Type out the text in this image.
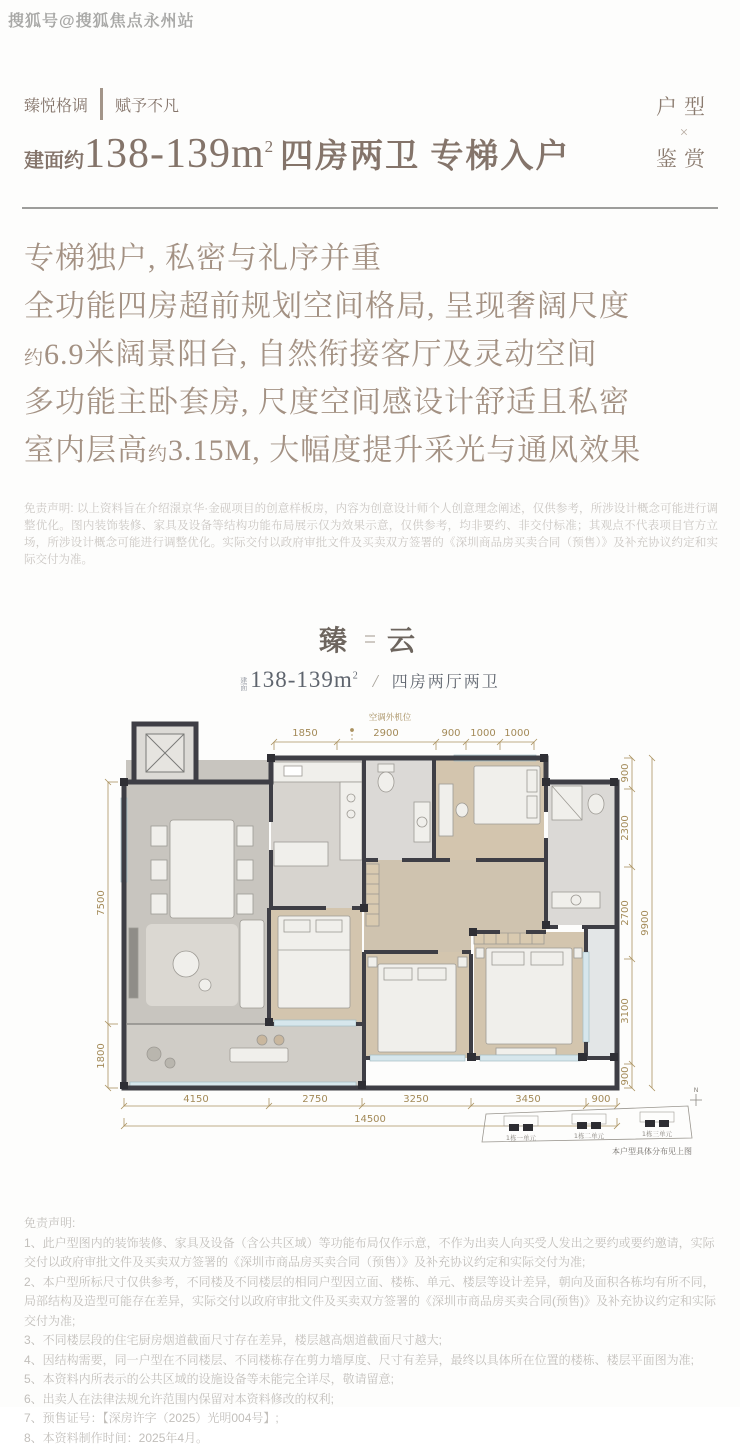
搜狐号@搜狐焦点永州站
臻悦格调 赋予不凡
建面约 $138-139m^2$ 四房两卫 专梯入户
户型
×
鉴赏
专梯独户, 私密与礼序并重
全功能四房超前规划空间格局, 呈现奢阔尺度
约6.9米阔景阳台, 自然衔接客厅及灵动空间
多功能主卧套房, 尺度空间感设计舒适且私密
室内层高约3.15M, 大幅度提升采光与通风效果
免责声明: 以上资料旨在介绍澋京华·金砚项目的创意样板房，内容为创意设计师个人创意理念阐述，仅供参考，所涉设计概念可能进行调整优化。图内装饰装修、家具及设备等结构功能布局展示仅为效果示意，仅供参考，均非要约、非交付标准；其观点不代表项目官方立场，所涉设计概念可能进行调整优化。实际交付以政府审批文件及买卖双方签署的《深圳商品房买卖合同（预售）》及补充协议约定和实际交付为准。
臻 云
建
面 $138-139m^2$ / 四房两厅两卫
空调外机位
1850	2900	900 1000 1000
4150	2750	3250	3450	900
14500
900
2300
2700
3100
900
9900
7500
1800
1栋一单元	1栋二单元	1栋三单元
N
本户型具体分布见上图

免责声明:

1、此户型图内的装饰装修、家具及设备（含公共区域）等功能布局仅作示意，不作为出卖人向买受人发出之要约或要约邀请，实际交付以政府审批文件及买卖双方签署的《深圳市商品房买卖合同（预售）》及补充协议约定和实际交付为准;

2、本户型所标尺寸仅供参考，不同楼及不同楼层的相同户型因立面、楼栋、单元、楼层等设计差异，朝向及面积各栋均有所不同，局部结构及造型可能存在差异，实际交付以政府审批文件及买卖双方签署的《深圳市商品房买卖合同(预售)》及补充协议约定和实际交付为准;

3、不同楼层段的住宅厨房烟道截面尺寸存在差异，楼层越高烟道截面尺寸越大;

4、因结构需要，同一户型在不同楼层、不同楼栋存在剪力墙厚度、尺寸有差异，最终以具体所在位置的楼栋、楼层平面图为准;

5、本资料内所表示的公共区域的设施设备等未能完全详尽，敬请留意;

6、出卖人在法律法规允许范围内保留对本资料修改的权利;

7、预售证号：【深房许字（2025）光明004号】;

8、本资料制作时间：2025年4月。
